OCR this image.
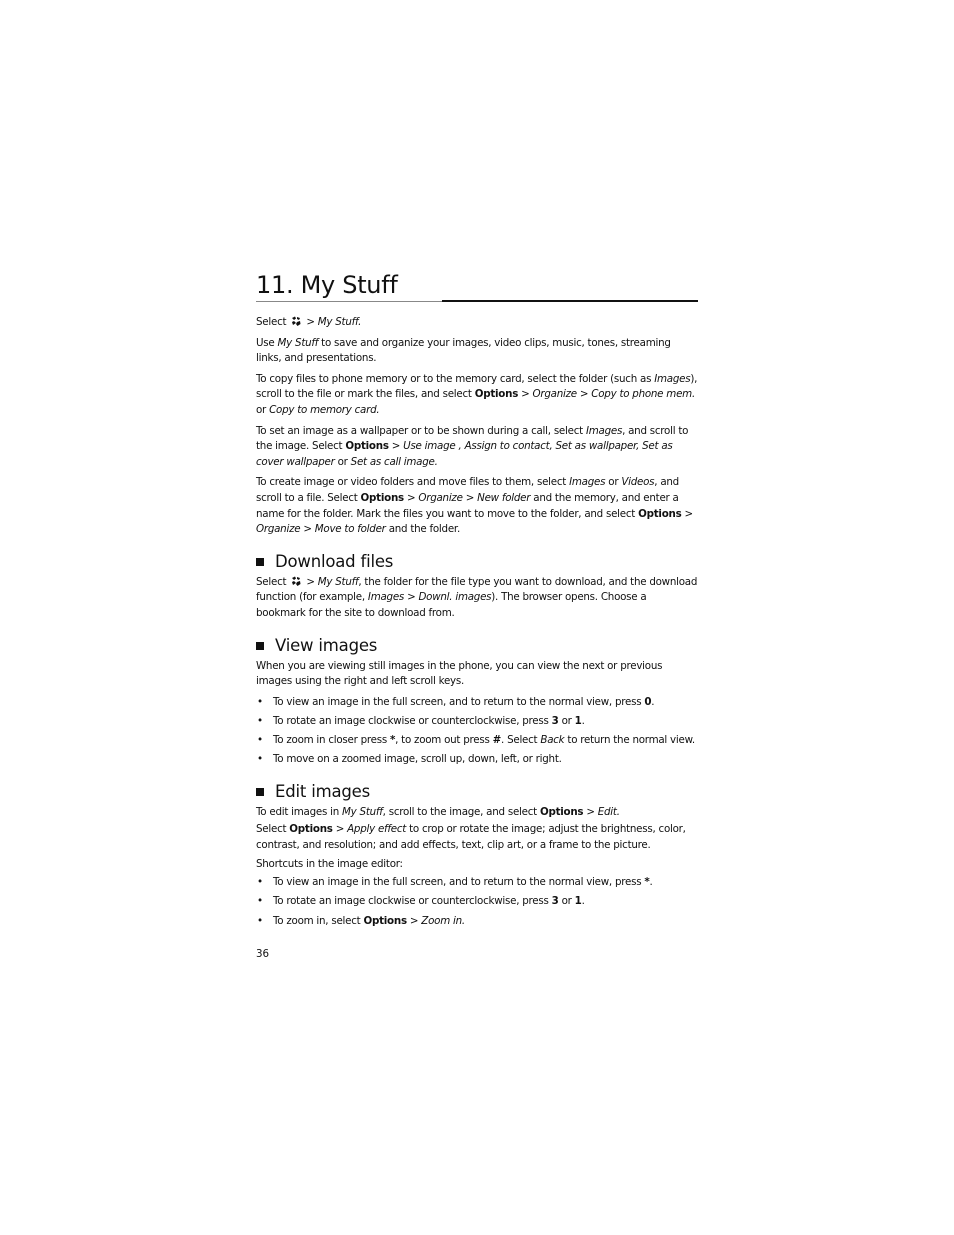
11. My Stuff

Select > My Stuff.

Use My Stuff to save and organize your images, video clips, music, tones, streaming links, and presentations.

To copy files to phone memory or to the memory card, select the folder (such as Images), scroll to the file or mark the files, and select Options > Organize > Copy to phone mem. or Copy to memory card.

To set an image as a wallpaper or to be shown during a call, select Images, and scroll to the image. Select Options > Use image , Assign to contact, Set as wallpaper, Set as cover wallpaper or Set as call image.

To create image or video folders and move files to them, select Images or Videos, and scroll to a file. Select Options > Organize > New folder and the memory, and enter a name for the folder. Mark the files you want to move to the folder, and select Options > Organize > Move to folder and the folder.

Download files

Select > My Stuff, the folder for the file type you want to download, and the download function (for example, Images > Downl. images). The browser opens. Choose a bookmark for the site to download from.

View images

When you are viewing still images in the phone, you can view the next or previous images using the right and left scroll keys.

• To view an image in the full screen, and to return to the normal view, press 0.
• To rotate an image clockwise or counterclockwise, press 3 or 1.
• To zoom in closer press *, to zoom out press #. Select Back to return the normal view.
• To move on a zoomed image, scroll up, down, left, or right.
Edit images

To edit images in My Stuff, scroll to the image, and select Options > Edit.

Select Options > Apply effect to crop or rotate the image; adjust the brightness, color, contrast, and resolution; and add effects, text, clip art, or a frame to the picture.

Shortcuts in the image editor:

• To view an image in the full screen, and to return to the normal view, press *.
• To rotate an image clockwise or counterclockwise, press 3 or 1.
• To zoom in, select Options > Zoom in.
36
